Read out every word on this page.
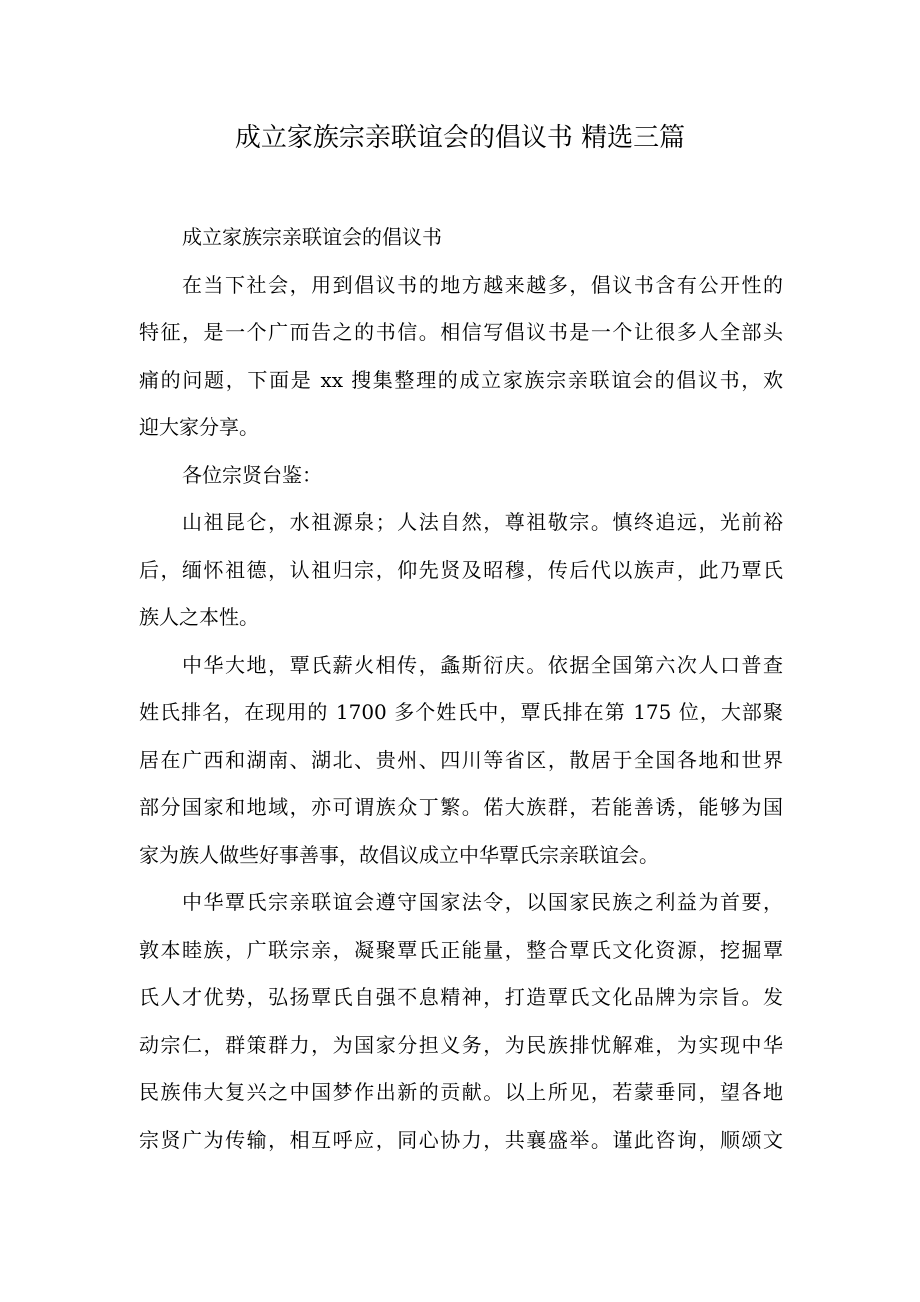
成立家族宗亲联谊会的倡议书 精选三篇
成立家族宗亲联谊会的倡议书
在当下社会，用到倡议书的地方越来越多，倡议书含有公开性的
特征，是一个广而告之的书信。相信写倡议书是一个让很多人全部头
痛的问题，下面是 xx 搜集整理的成立家族宗亲联谊会的倡议书，欢
迎大家分享。
各位宗贤台鉴：
山祖昆仑，水祖源泉；人法自然，尊祖敬宗。慎终追远，光前裕
后，缅怀祖德，认祖归宗，仰先贤及昭穆，传后代以族声，此乃覃氏
族人之本性。
中华大地，覃氏薪火相传，螽斯衍庆。依据全国第六次人口普查
姓氏排名，在现用的 1700 多个姓氏中，覃氏排在第 175 位，大部聚
居在广西和湖南、湖北、贵州、四川等省区，散居于全国各地和世界
部分国家和地域，亦可谓族众丁繁。偌大族群，若能善诱，能够为国
家为族人做些好事善事，故倡议成立中华覃氏宗亲联谊会。
中华覃氏宗亲联谊会遵守国家法令，以国家民族之利益为首要，
敦本睦族，广联宗亲，凝聚覃氏正能量，整合覃氏文化资源，挖掘覃
氏人才优势，弘扬覃氏自强不息精神，打造覃氏文化品牌为宗旨。发
动宗仁，群策群力，为国家分担义务，为民族排忧解难，为实现中华
民族伟大复兴之中国梦作出新的贡献。以上所见，若蒙垂同，望各地
宗贤广为传输，相互呼应，同心协力，共襄盛举。谨此咨询，顺颂文
